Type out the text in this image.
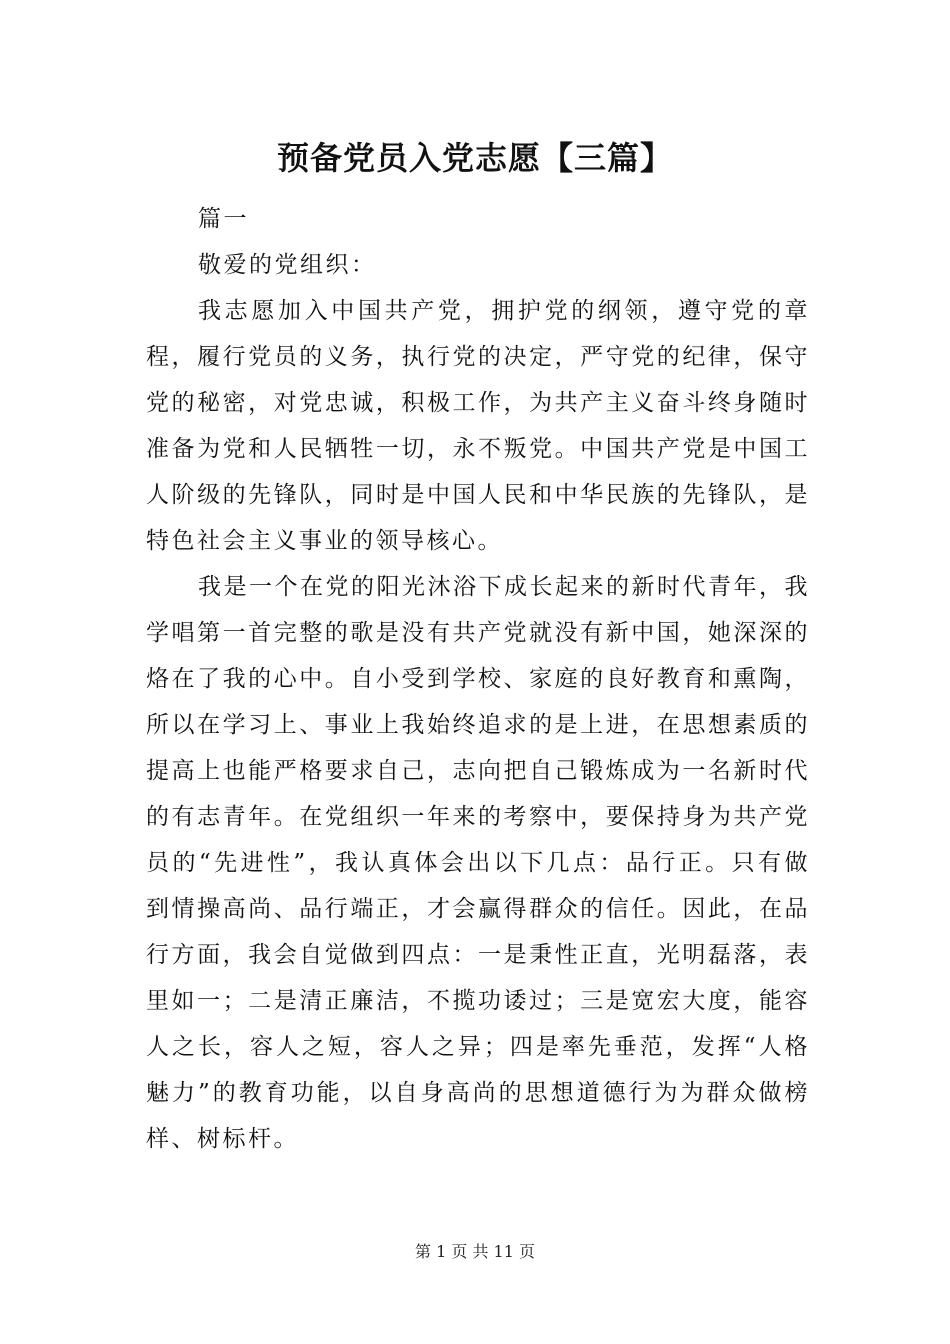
预备党员入党志愿【三篇】

篇一

敬爱的党组织：

我志愿加入中国共产党，拥护党的纲领，遵守党的章程，履行党员的义务，执行党的决定，严守党的纪律，保守党的秘密，对党忠诚，积极工作，为共产主义奋斗终身随时准备为党和人民牺牲一切，永不叛党。中国共产党是中国工人阶级的先锋队，同时是中国人民和中华民族的先锋队，是特色社会主义事业的领导核心。

我是一个在党的阳光沐浴下成长起来的新时代青年，我学唱第一首完整的歌是没有共产党就没有新中国，她深深的烙在了我的心中。自小受到学校、家庭的良好教育和熏陶，所以在学习上、事业上我始终追求的是上进，在思想素质的提高上也能严格要求自己，志向把自己锻炼成为一名新时代的有志青年。在党组织一年来的考察中，要保持身为共产党员的“先进性”，我认真体会出以下几点：品行正。只有做到情操高尚、品行端正，才会赢得群众的信任。因此，在品行方面，我会自觉做到四点：一是秉性正直，光明磊落，表里如一；二是清正廉洁，不揽功诿过；三是宽宏大度，能容人之长，容人之短，容人之异；四是率先垂范，发挥“人格魅力”的教育功能，以自身高尚的思想道德行为为群众做榜样、树标杆。

第 1 页 共 11 页
